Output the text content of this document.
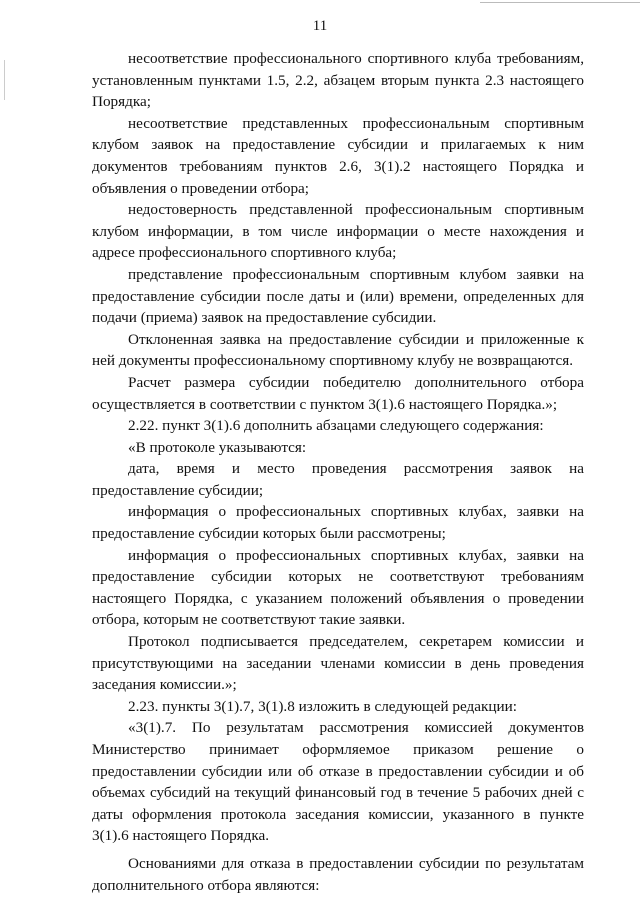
11

несоответствие профессионального спортивного клуба требованиям, установленным пунктами 1.5, 2.2, абзацем вторым пункта 2.3 настоящего Порядка;

несоответствие представленных профессиональным спортивным клубом заявок на предоставление субсидии и прилагаемых к ним документов требованиям пунктов 2.6, 3(1).2 настоящего Порядка и объявления о проведении отбора;

недостоверность представленной профессиональным спортивным клубом информации, в том числе информации о месте нахождения и адресе профессионального спортивного клуба;

представление профессиональным спортивным клубом заявки на предоставление субсидии после даты и (или) времени, определенных для подачи (приема) заявок на предоставление субсидии.

Отклоненная заявка на предоставление субсидии и приложенные к ней документы профессиональному спортивному клубу не возвращаются.

Расчет размера субсидии победителю дополнительного отбора осуществляется в соответствии с пунктом 3(1).6 настоящего Порядка.»;

2.22. пункт 3(1).6 дополнить абзацами следующего содержания:

«В протоколе указываются:

дата, время и место проведения рассмотрения заявок на предоставление субсидии;

информация о профессиональных спортивных клубах, заявки на предоставление субсидии которых были рассмотрены;

информация о профессиональных спортивных клубах, заявки на предоставление субсидии которых не соответствуют требованиям настоящего Порядка, с указанием положений объявления о проведении отбора, которым не соответствуют такие заявки.

Протокол подписывается председателем, секретарем комиссии и присутствующими на заседании членами комиссии в день проведения заседания комиссии.»;

2.23. пункты 3(1).7, 3(1).8 изложить в следующей редакции:

«3(1).7. По результатам рассмотрения комиссией документов Министерство принимает оформляемое приказом решение о предоставлении субсидии или об отказе в предоставлении субсидии и об объемах субсидий на текущий финансовый год в течение 5 рабочих дней с даты оформления протокола заседания комиссии, указанного в пункте 3(1).6 настоящего Порядка.

Основаниями для отказа в предоставлении субсидии по результатам дополнительного отбора являются:
